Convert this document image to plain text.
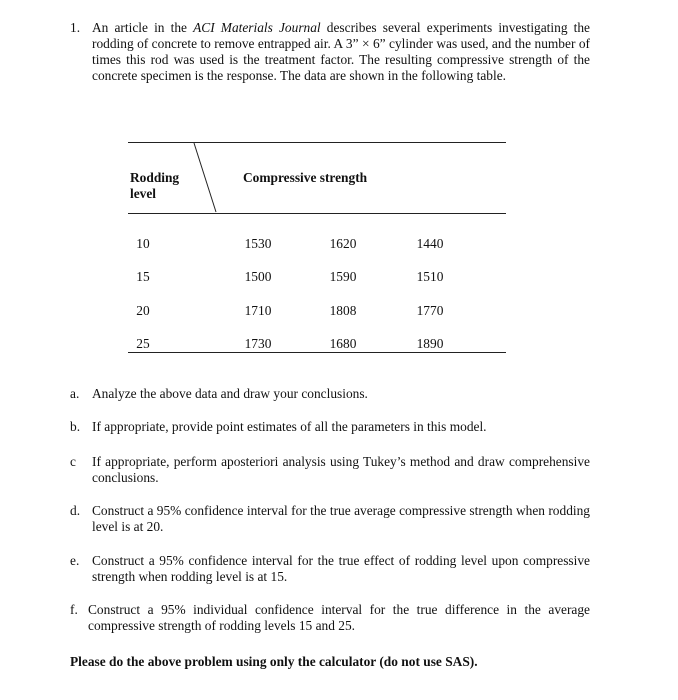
1. An article in the ACI Materials Journal describes several experiments investigating the rodding of concrete to remove entrapped air. A 3” × 6” cylinder was used, and the number of times this rod was used is the treatment factor. The resulting compressive strength of the concrete specimen is the response. The data are shown in the following table.
Rodding level
Compressive strength
10	1530	1620	1440
15	1500	1590	1510
20	1710	1808	1770
25	1730	1680	1890
a. Analyze the above data and draw your conclusions.
b. If appropriate, provide point estimates of all the parameters in this model.
c If appropriate, perform aposteriori analysis using Tukey’s method and draw comprehensive conclusions.
d. Construct a 95% confidence interval for the true average compressive strength when rodding level is at 20.
e. Construct a 95% confidence interval for the true effect of rodding level upon compressive strength when rodding level is at 15.
f. Construct a 95% individual confidence interval for the true difference in the average compressive strength of rodding levels 15 and 25.
Please do the above problem using only the calculator (do not use SAS).
